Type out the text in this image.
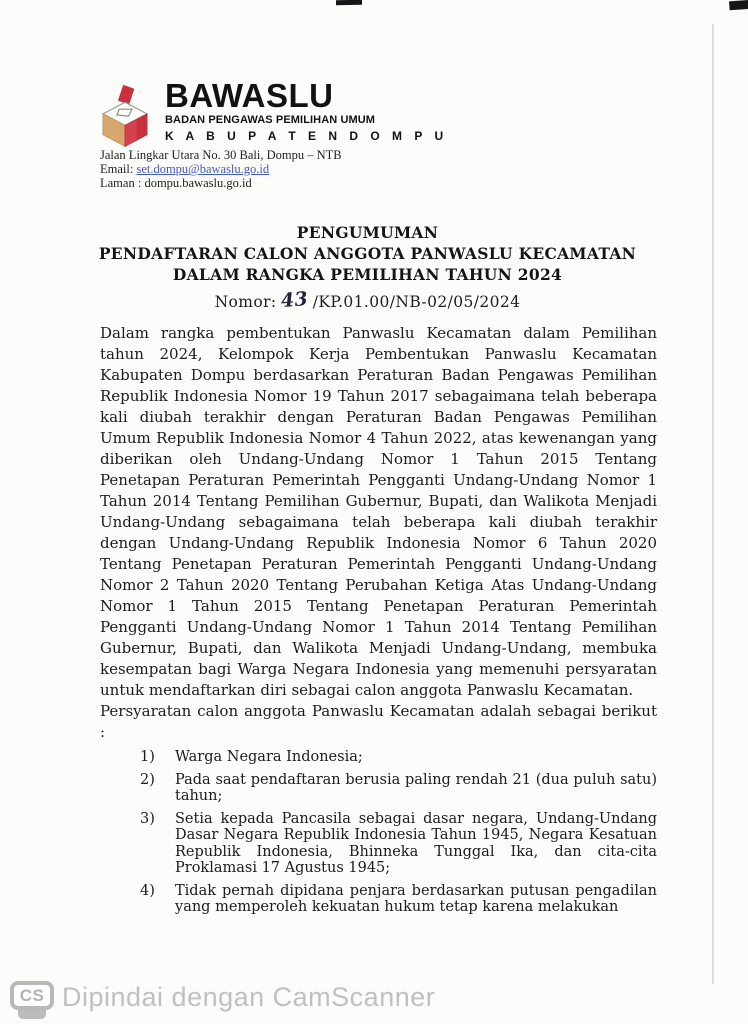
BAWASLU
BADAN PENGAWAS PEMILIHAN UMUM
K A B U P A T E N D O M P U
Jalan Lingkar Utara No. 30 Bali, Dompu – NTB
Email: set.dompu@bawaslu.go.id
Laman : dompu.bawaslu.go.id
PENGUMUMAN
PENDAFTARAN CALON ANGGOTA PANWASLU KECAMATAN
DALAM RANGKA PEMILIHAN TAHUN 2024
Nomor: 43 /KP.01.00/NB-02/05/2024
Dalam rangka pembentukan Panwaslu Kecamatan dalam Pemilihan tahun 2024, Kelompok Kerja Pembentukan Panwaslu Kecamatan Kabupaten Dompu berdasarkan Peraturan Badan Pengawas Pemilihan Republik Indonesia Nomor 19 Tahun 2017 sebagaimana telah beberapa kali diubah terakhir dengan Peraturan Badan Pengawas Pemilihan Umum Republik Indonesia Nomor 4 Tahun 2022, atas kewenangan yang diberikan oleh Undang-Undang Nomor 1 Tahun 2015 Tentang Penetapan Peraturan Pemerintah Pengganti Undang-Undang Nomor 1 Tahun 2014 Tentang Pemilihan Gubernur, Bupati, dan Walikota Menjadi Undang-Undang sebagaimana telah beberapa kali diubah terakhir dengan Undang-Undang Republik Indonesia Nomor 6 Tahun 2020 Tentang Penetapan Peraturan Pemerintah Pengganti Undang-Undang Nomor 2 Tahun 2020 Tentang Perubahan Ketiga Atas Undang-Undang Nomor 1 Tahun 2015 Tentang Penetapan Peraturan Pemerintah Pengganti Undang-Undang Nomor 1 Tahun 2014 Tentang Pemilihan Gubernur, Bupati, dan Walikota Menjadi Undang-Undang, membuka kesempatan bagi Warga Negara Indonesia yang memenuhi persyaratan untuk mendaftarkan diri sebagai calon anggota Panwaslu Kecamatan.
Persyaratan calon anggota Panwaslu Kecamatan adalah sebagai berikut :
1)	Warga Negara Indonesia;
2)	Pada saat pendaftaran berusia paling rendah 21 (dua puluh satu) tahun;
3)	Setia kepada Pancasila sebagai dasar negara, Undang-Undang Dasar Negara Republik Indonesia Tahun 1945, Negara Kesatuan Republik Indonesia, Bhinneka Tunggal Ika, dan cita-cita Proklamasi 17 Agustus 1945;
4)	Tidak pernah dipidana penjara berdasarkan putusan pengadilan yang memperoleh kekuatan hukum tetap karena melakukan
CS Dipindai dengan CamScanner
